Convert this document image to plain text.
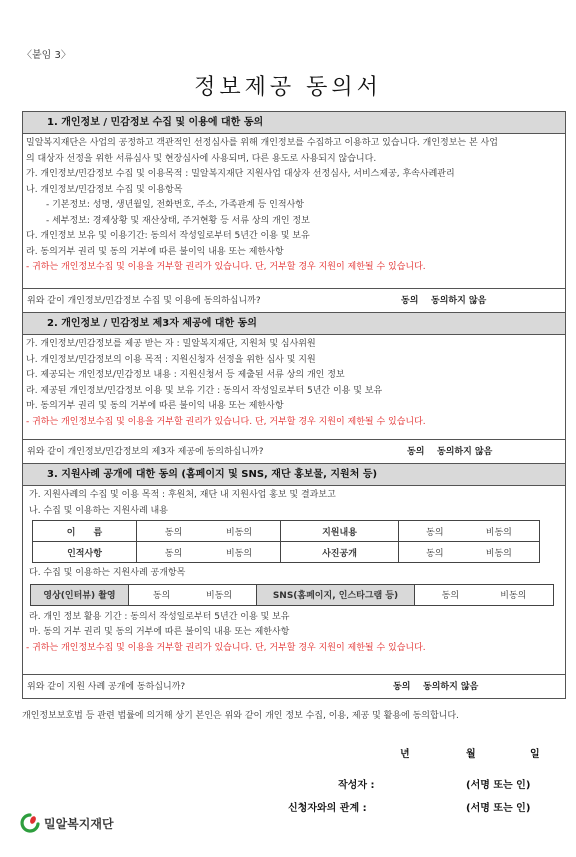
〈붙임 3〉
정보제공 동의서
1. 개인정보 / 민감정보 수집 및 이용에 대한 동의
밀알복지재단은 사업의 공정하고 객관적인 선정심사를 위해 개인정보를 수집하고 이용하고 있습니다. 개인정보는 본 사업
의 대상자 선정을 위한 서류심사 및 현장심사에 사용되며, 다른 용도로 사용되지 않습니다.
가. 개인정보/민감정보 수집 및 이용목적 : 밀알복지재단 지원사업 대상자 선정심사, 서비스제공, 후속사례관리
나. 개인정보/민감정보 수집 및 이용항목
- 기본정보: 성명, 생년월일, 전화번호, 주소, 가족관계 등 인적사항
- 세부정보: 경제상황 및 재산상태, 주거현황 등 서류 상의 개인 정보
다. 개인정보 보유 및 이용기간: 동의서 작성일로부터 5년간 이용 및 보유
라. 동의거부 권리 및 동의 거부에 따른 불이익 내용 또는 제한사항
- 귀하는 개인정보수집 및 이용을 거부할 권리가 있습니다. 단, 거부할 경우 지원이 제한될 수 있습니다.
위와 같이 개인정보/민감정보 수집 및 이용에 동의하십니까?	동의 동의하지 않음
2. 개인정보 / 민감정보 제3자 제공에 대한 동의
가. 개인정보/민감정보를 제공 받는 자 : 밀알복지재단, 지원처 및 심사위원
나. 개인정보/민감정보의 이용 목적 : 지원신청자 선정을 위한 심사 및 지원
다. 제공되는 개인정보/민감정보 내용 : 지원신청서 등 제출된 서류 상의 개인 정보
라. 제공된 개인정보/민감정보 이용 및 보유 기간 : 동의서 작성일로부터 5년간 이용 및 보유
마. 동의거부 권리 및 동의 거부에 따른 불이익 내용 또는 제한사항
- 귀하는 개인정보수집 및 이용을 거부할 권리가 있습니다. 단, 거부할 경우 지원이 제한될 수 있습니다.
위와 같이 개인정보/민감정보의 제3자 제공에 동의하십니까?	동의 동의하지 않음
3. 지원사례 공개에 대한 동의 (홈페이지 및 SNS, 재단 홍보물, 지원처 등)
가. 지원사례의 수집 및 이용 목적 : 후원처, 재단 내 지원사업 홍보 및 결과보고
나. 수집 및 이용하는 지원사례 내용
이　　름	동의 비동의	지원내용	동의 비동의

인적사항	동의 비동의	사진공개	동의 비동의
다. 수집 및 이용하는 지원사례 공개항목
영상(인터뷰) 촬영	동의	비동의	SNS(홈페이지, 인스타그램 등)	동의	비동의
라. 개인 정보 활용 기간 : 동의서 작성일로부터 5년간 이용 및 보유
마. 동의 거부 권리 및 동의 거부에 따른 불이익 내용 또는 제한사항
- 귀하는 개인정보수집 및 이용을 거부할 권리가 있습니다. 단, 거부할 경우 지원이 제한될 수 있습니다.
위와 같이 지원 사례 공개에 동하십니까?	동의 동의하지 않음
개인정보보호법 등 관련 법률에 의거해 상기 본인은 위와 같이 개인 정보 수집, 이용, 제공 및 활용에 동의합니다.
년	월	일
작성자 :	(서명 또는 인)
신청자와의 관계 :	(서명 또는 인)
밀알복지재단
